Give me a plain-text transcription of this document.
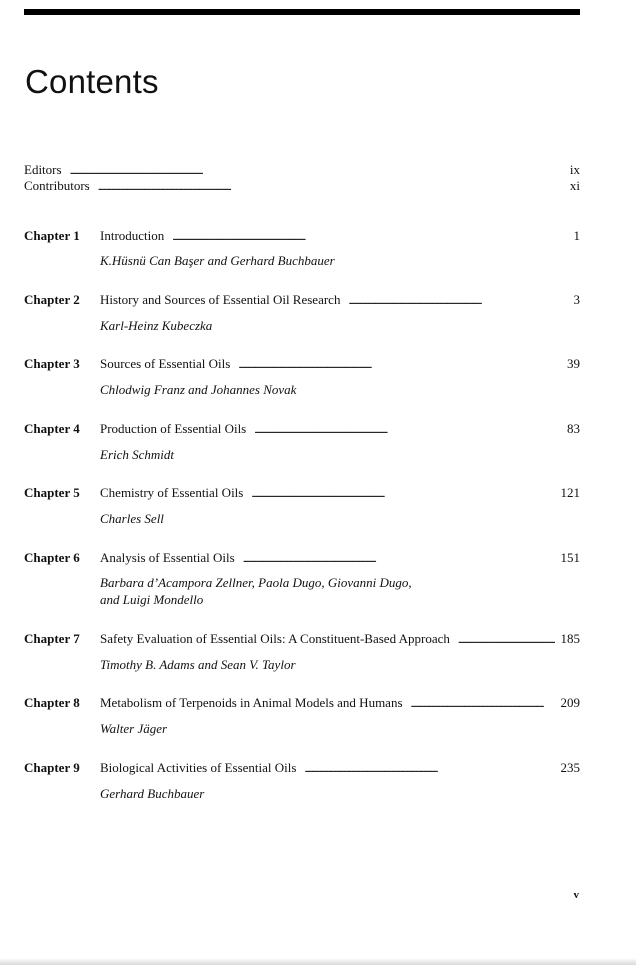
Contents
Editors . . .	ix
Contributors . . .	xi
Chapter 1 Introduction . . .	1
K.Hüsnü Can Başer and Gerhard Buchbauer
Chapter 2 History and Sources of Essential Oil Research . . .	3
Karl-Heinz Kubeczka
Chapter 3 Sources of Essential Oils . . .	39
Chlodwig Franz and Johannes Novak
Chapter 4 Production of Essential Oils . . .	83
Erich Schmidt
Chapter 5 Chemistry of Essential Oils . . .	121
Charles Sell
Chapter 6 Analysis of Essential Oils . . .	151
Barbara d’Acampora Zellner, Paola Dugo, Giovanni Dugo,
and Luigi Mondello
Chapter 7 Safety Evaluation of Essential Oils: A Constituent-Based Approach . . .	185
Timothy B. Adams and Sean V. Taylor
Chapter 8 Metabolism of Terpenoids in Animal Models and Humans . . .	209
Walter Jäger
Chapter 9 Biological Activities of Essential Oils . . .	235
Gerhard Buchbauer
v
